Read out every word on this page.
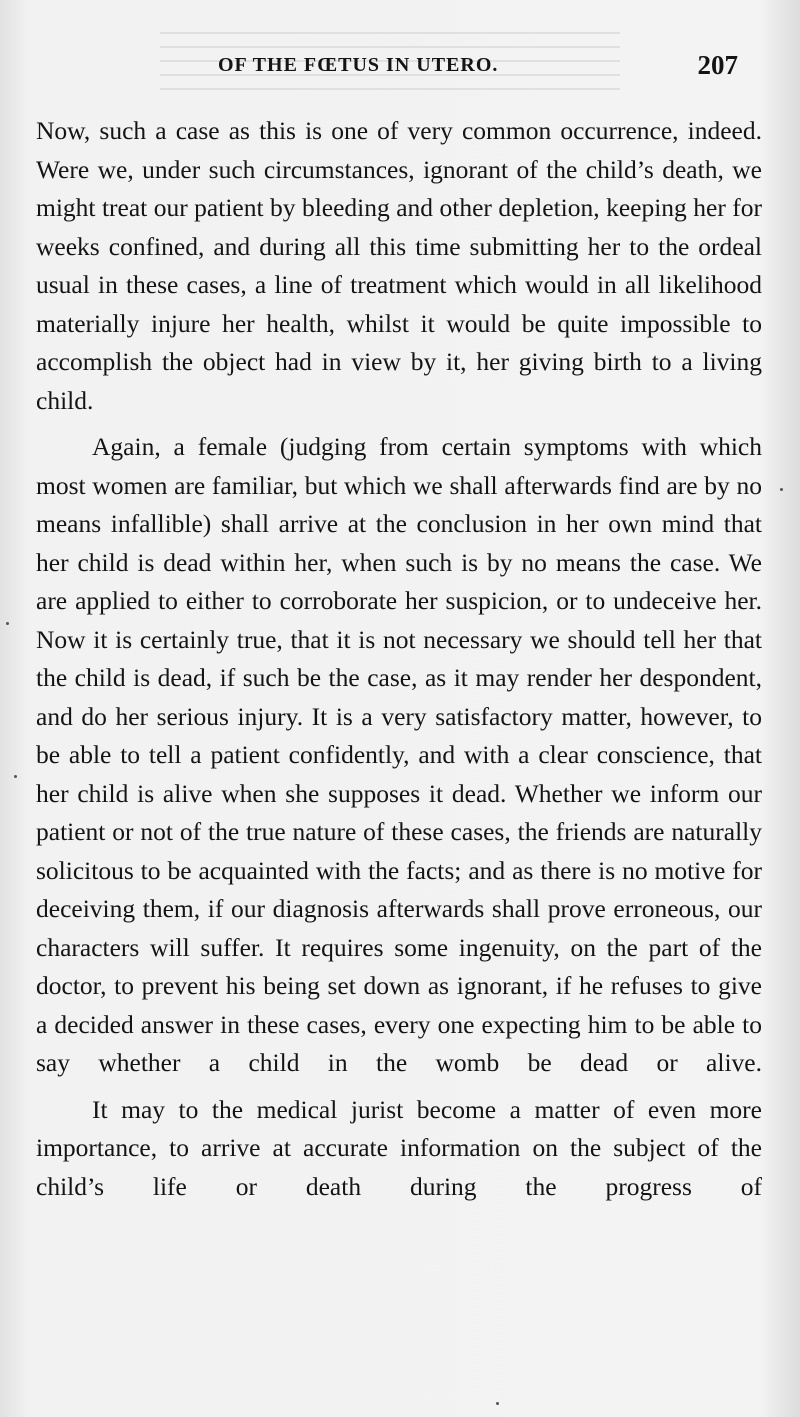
OF THE FŒTUS IN UTERO.	207

Now, such a case as this is one of very common occurrence, indeed. Were we, under such circumstances, ignorant of the child’s death, we might treat our patient by bleeding and other depletion, keeping her for weeks confined, and during all this time submitting her to the ordeal usual in these cases, a line of treatment which would in all likelihood materially injure her health, whilst it would be quite impossible to accomplish the object had in view by it, her giving birth to a living child.

Again, a female (judging from certain symptoms with which most women are familiar, but which we shall afterwards find are by no means infallible) shall arrive at the conclusion in her own mind that her child is dead within her, when such is by no means the case. We are applied to either to corroborate her suspicion, or to undeceive her. Now it is certainly true, that it is not necessary we should tell her that the child is dead, if such be the case, as it may render her despondent, and do her serious injury. It is a very satisfactory matter, however, to be able to tell a patient confidently, and with a clear conscience, that her child is alive when she supposes it dead. Whether we inform our patient or not of the true nature of these cases, the friends are naturally solicitous to be acquainted with the facts; and as there is no motive for deceiving them, if our diagnosis afterwards shall prove erroneous, our characters will suffer. It requires some ingenuity, on the part of the doctor, to prevent his being set down as ignorant, if he refuses to give a decided answer in these cases, every one expecting him to be able to say whether a child in the womb be dead or alive.

It may to the medical jurist become a matter of even more importance, to arrive at accurate information on the subject of the child’s life or death during the progress of
